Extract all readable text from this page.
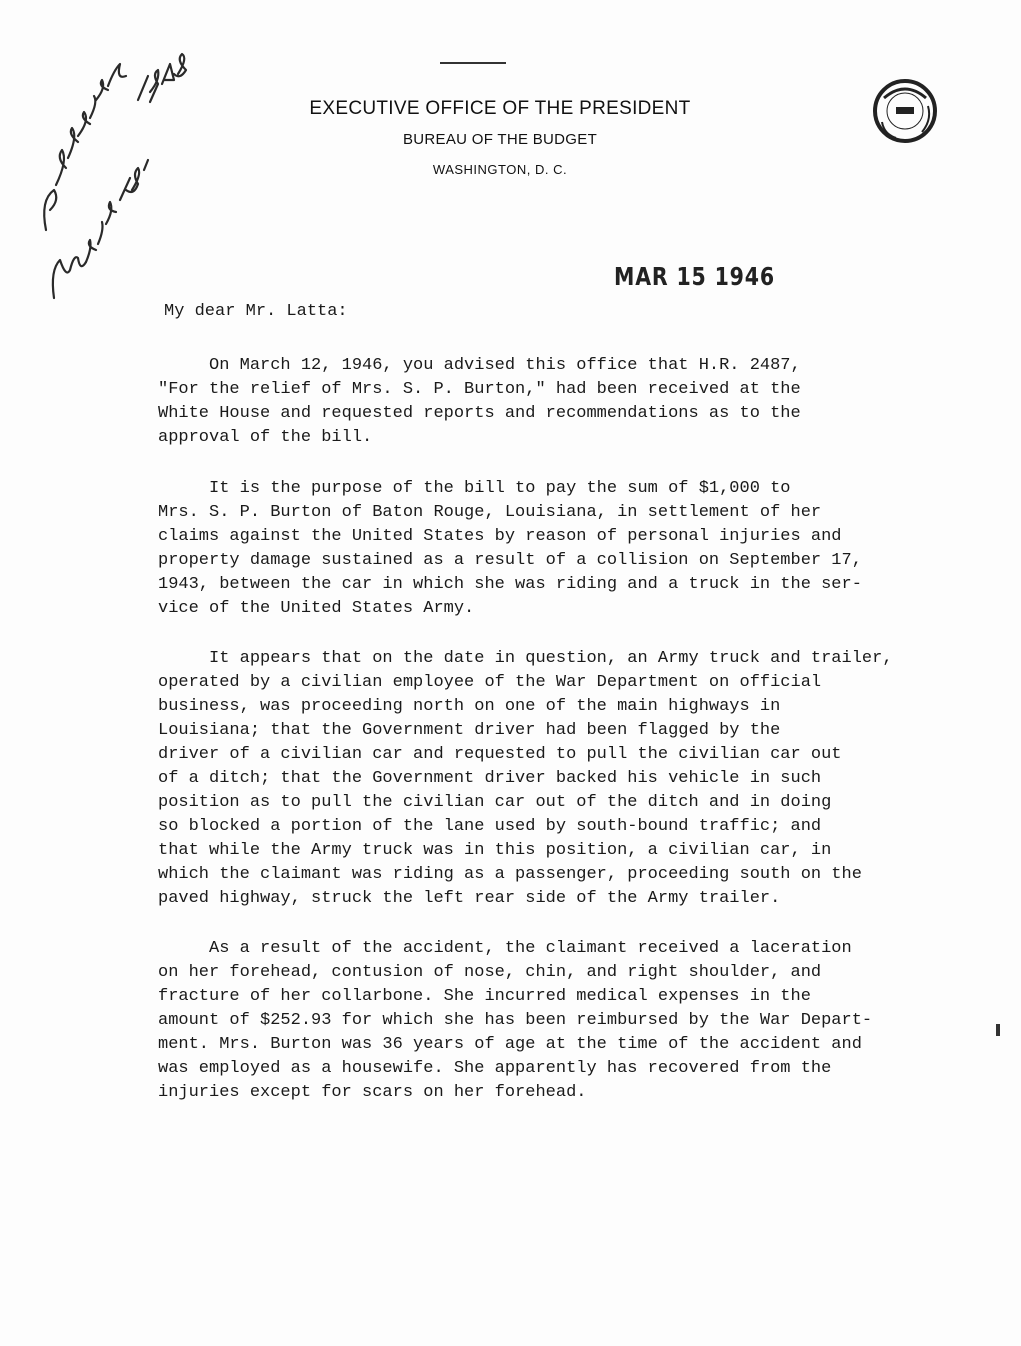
EXECUTIVE OFFICE OF THE PRESIDENT
BUREAU OF THE BUDGET
WASHINGTON, D. C.
MAR 15 1946
My dear Mr. Latta:
On March 12, 1946, you advised this office that H.R. 2487,
"For the relief of Mrs. S. P. Burton," had been received at the
White House and requested reports and recommendations as to the
approval of the bill.
It is the purpose of the bill to pay the sum of $1,000 to
Mrs. S. P. Burton of Baton Rouge, Louisiana, in settlement of her
claims against the United States by reason of personal injuries and
property damage sustained as a result of a collision on September 17,
1943, between the car in which she was riding and a truck in the ser-
vice of the United States Army.
It appears that on the date in question, an Army truck and trailer,
operated by a civilian employee of the War Department on official
business, was proceeding north on one of the main highways in
Louisiana; that the Government driver had been flagged by the
driver of a civilian car and requested to pull the civilian car out
of a ditch; that the Government driver backed his vehicle in such
position as to pull the civilian car out of the ditch and in doing
so blocked a portion of the lane used by south-bound traffic; and
that while the Army truck was in this position, a civilian car, in
which the claimant was riding as a passenger, proceeding south on the
paved highway, struck the left rear side of the Army trailer.
As a result of the accident, the claimant received a laceration
on her forehead, contusion of nose, chin, and right shoulder, and
fracture of her collarbone. She incurred medical expenses in the
amount of $252.93 for which she has been reimbursed by the War Depart-
ment. Mrs. Burton was 36 years of age at the time of the accident and
was employed as a housewife. She apparently has recovered from the
injuries except for scars on her forehead.
